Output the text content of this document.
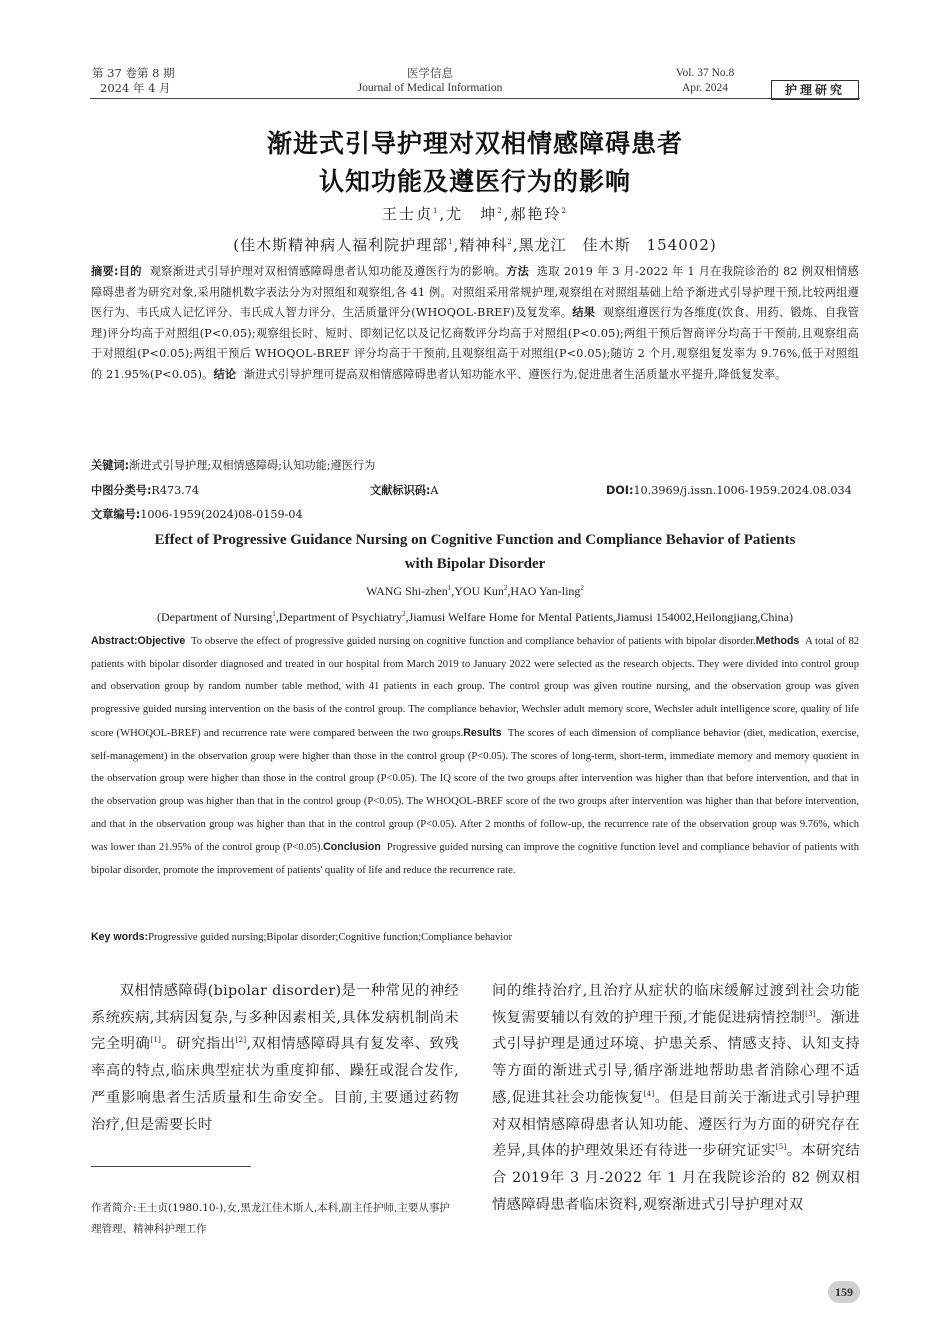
第 37 卷第 8 期
2024 年 4 月
医学信息
Journal of Medical Information
Vol. 37 No.8
Apr. 2024	护理研究
渐进式引导护理对双相情感障碍患者
认知功能及遵医行为的影响
王士贞$^1$,尤　坤$^2$,郝艳玲$^2$
(佳木斯精神病人福利院护理部$^1$,精神科$^2$,黑龙江　佳木斯　154002)
摘要:目的 观察渐进式引导护理对双相情感障碍患者认知功能及遵医行为的影响。方法 选取 2019 年 3 月-2022 年 1 月在我院诊治的 82 例双相情感障碍患者为研究对象,采用随机数字表法分为对照组和观察组,各 41 例。对照组采用常规护理,观察组在对照组基础上给予渐进式引导护理干预,比较两组遵医行为、韦氏成人记忆评分、韦氏成人智力评分、生活质量评分(WHOQOL-BREF)及复发率。结果 观察组遵医行为各维度(饮食、用药、锻炼、自我管理)评分均高于对照组(P<0.05);观察组长时、短时、即刻记忆以及记忆商数评分均高于对照组(P<0.05);两组干预后智商评分均高于干预前,且观察组高于对照组(P<0.05);两组干预后 WHOQOL-BREF 评分均高于干预前,且观察组高于对照组(P<0.05);随访 2 个月,观察组复发率为 9.76%,低于对照组的 21.95%(P<0.05)。结论 渐进式引导护理可提高双相情感障碍患者认知功能水平、遵医行为,促进患者生活质量水平提升,降低复发率。
关键词:渐进式引导护理;双相情感障碍;认知功能;遵医行为
中图分类号:R473.74	文献标识码:A	DOI:10.3969/j.issn.1006-1959.2024.08.034
文章编号:1006-1959(2024)08-0159-04
Effect of Progressive Guidance Nursing on Cognitive Function and Compliance Behavior of Patients
with Bipolar Disorder
WANG Shi-zhen$^1$,YOU Kun$^2$,HAO Yan-ling$^2$
(Department of Nursing$^1$,Department of Psychiatry$^2$,Jiamusi Welfare Home for Mental Patients,Jiamusi 154002,Heilongjiang,China)
Abstract:Objective To observe the effect of progressive guided nursing on cognitive function and compliance behavior of patients with bipolar disorder.Methods A total of 82 patients with bipolar disorder diagnosed and treated in our hospital from March 2019 to January 2022 were selected as the research objects. They were divided into control group and observation group by random number table method, with 41 patients in each group. The control group was given routine nursing, and the observation group was given progressive guided nursing intervention on the basis of the control group. The compliance behavior, Wechsler adult memory score, Wechsler adult intelligence score, quality of life score (WHOQOL-BREF) and recurrence rate were compared between the two groups.Results The scores of each dimension of compliance behavior (diet, medication, exercise, self-management) in the observation group were higher than those in the control group (P<0.05). The scores of long-term, short-term, immediate memory and memory quotient in the observation group were higher than those in the control group (P<0.05). The IQ score of the two groups after intervention was higher than that before intervention, and that in the observation group was higher than that in the control group (P<0.05). The WHOQOL-BREF score of the two groups after intervention was higher than that before intervention, and that in the observation group was higher than that in the control group (P<0.05). After 2 months of follow-up, the recurrence rate of the observation group was 9.76%, which was lower than 21.95% of the control group (P<0.05).Conclusion Progressive guided nursing can improve the cognitive function level and compliance behavior of patients with bipolar disorder, promote the improvement of patients' quality of life and reduce the recurrence rate.
Key words:Progressive guided nursing;Bipolar disorder;Cognitive function;Compliance behavior

双相情感障碍(bipolar disorder)是一种常见的神经系统疾病,其病因复杂,与多种因素相关,具体发病机制尚未完全明确[1]。研究指出[2],双相情感障碍具有复发率、致残率高的特点,临床典型症状为重度抑郁、躁狂或混合发作,严重影响患者生活质量和生命安全。目前,主要通过药物治疗,但是需要长时

作者简介:王士贞(1980.10-),女,黑龙江佳木斯人,本科,副主任护师,主要从事护理管理、精神科护理工作

间的维持治疗,且治疗从症状的临床缓解过渡到社会功能恢复需要辅以有效的护理干预,才能促进病情控制[3]。渐进式引导护理是通过环境、护患关系、情感支持、认知支持等方面的渐进式引导,循序渐进地帮助患者消除心理不适感,促进其社会功能恢复[4]。但是目前关于渐进式引导护理对双相情感障碍患者认知功能、遵医行为方面的研究存在差异,具体的护理效果还有待进一步研究证实[5]。本研究结合 2019年 3 月-2022 年 1 月在我院诊治的 82 例双相情感障碍患者临床资料,观察渐进式引导护理对双

159
